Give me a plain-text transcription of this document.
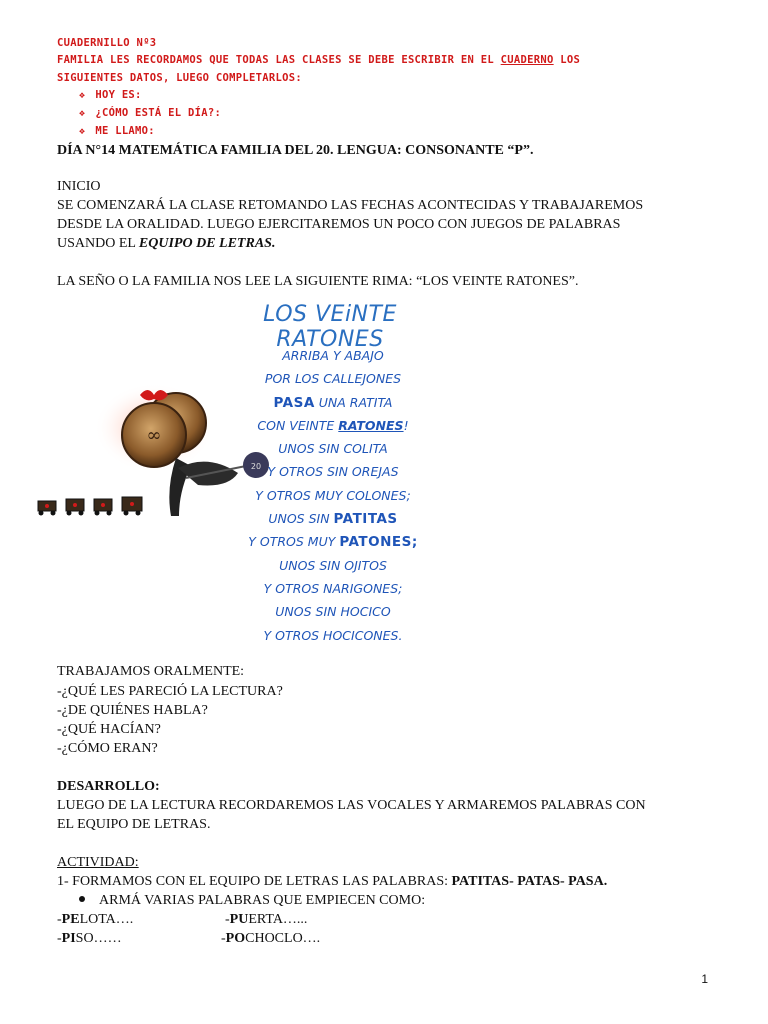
CUADERNILLO Nº3
FAMILIA LES RECORDAMOS QUE TODAS LAS CLASES SE DEBE ESCRIBIR EN EL CUADERNO LOS
SIGUIENTES DATOS, LUEGO COMPLETARLOS:
❖ HOY ES:
❖ ¿CÓMO ESTÁ EL DÍA?:
❖ ME LLAMO:
DÍA N°14 MATEMÁTICA FAMILIA DEL 20. LENGUA: CONSONANTE “P”.
INICIO
SE COMENZARÁ LA CLASE RETOMANDO LAS FECHAS ACONTECIDAS Y TRABAJAREMOS
DESDE LA ORALIDAD. LUEGO EJERCITAREMOS UN POCO CON JUEGOS DE PALABRAS
USANDO EL EQUIPO DE LETRAS.
LA SEÑO O LA FAMILIA NOS LEE LA SIGUIENTE RIMA: “LOS VEINTE RATONES”.
∞
20
LOS VEiNTE RATONES
ARRIBA Y ABAJO
POR LOS CALLEJONES
PASA UNA RATITA
CON VEINTE RATONES!
UNOS SIN COLITA
Y OTROS SIN OREJAS
Y OTROS MUY COLONES;
UNOS SIN PATITAS
Y OTROS MUY PATONES;
UNOS SIN OJITOS
Y OTROS NARIGONES;
UNOS SIN HOCICO
Y OTROS HOCICONES.
TRABAJAMOS ORALMENTE:
-¿QUÉ LES PARECIÓ LA LECTURA?
-¿DE QUIÉNES HABLA?
-¿QUÉ HACÍAN?
-¿CÓMO ERAN?
DESARROLLO:
LUEGO DE LA LECTURA RECORDAREMOS LAS VOCALES Y ARMAREMOS PALABRAS CON
EL EQUIPO DE LETRAS.
ACTIVIDAD:
1- FORMAMOS CON EL EQUIPO DE LETRAS LAS PALABRAS: PATITAS- PATAS- PASA.
ARMÁ VARIAS PALABRAS QUE EMPIECEN COMO:
-PELOTA….	-PUERTA…...
-PISO……	-POCHOCLO….
1
